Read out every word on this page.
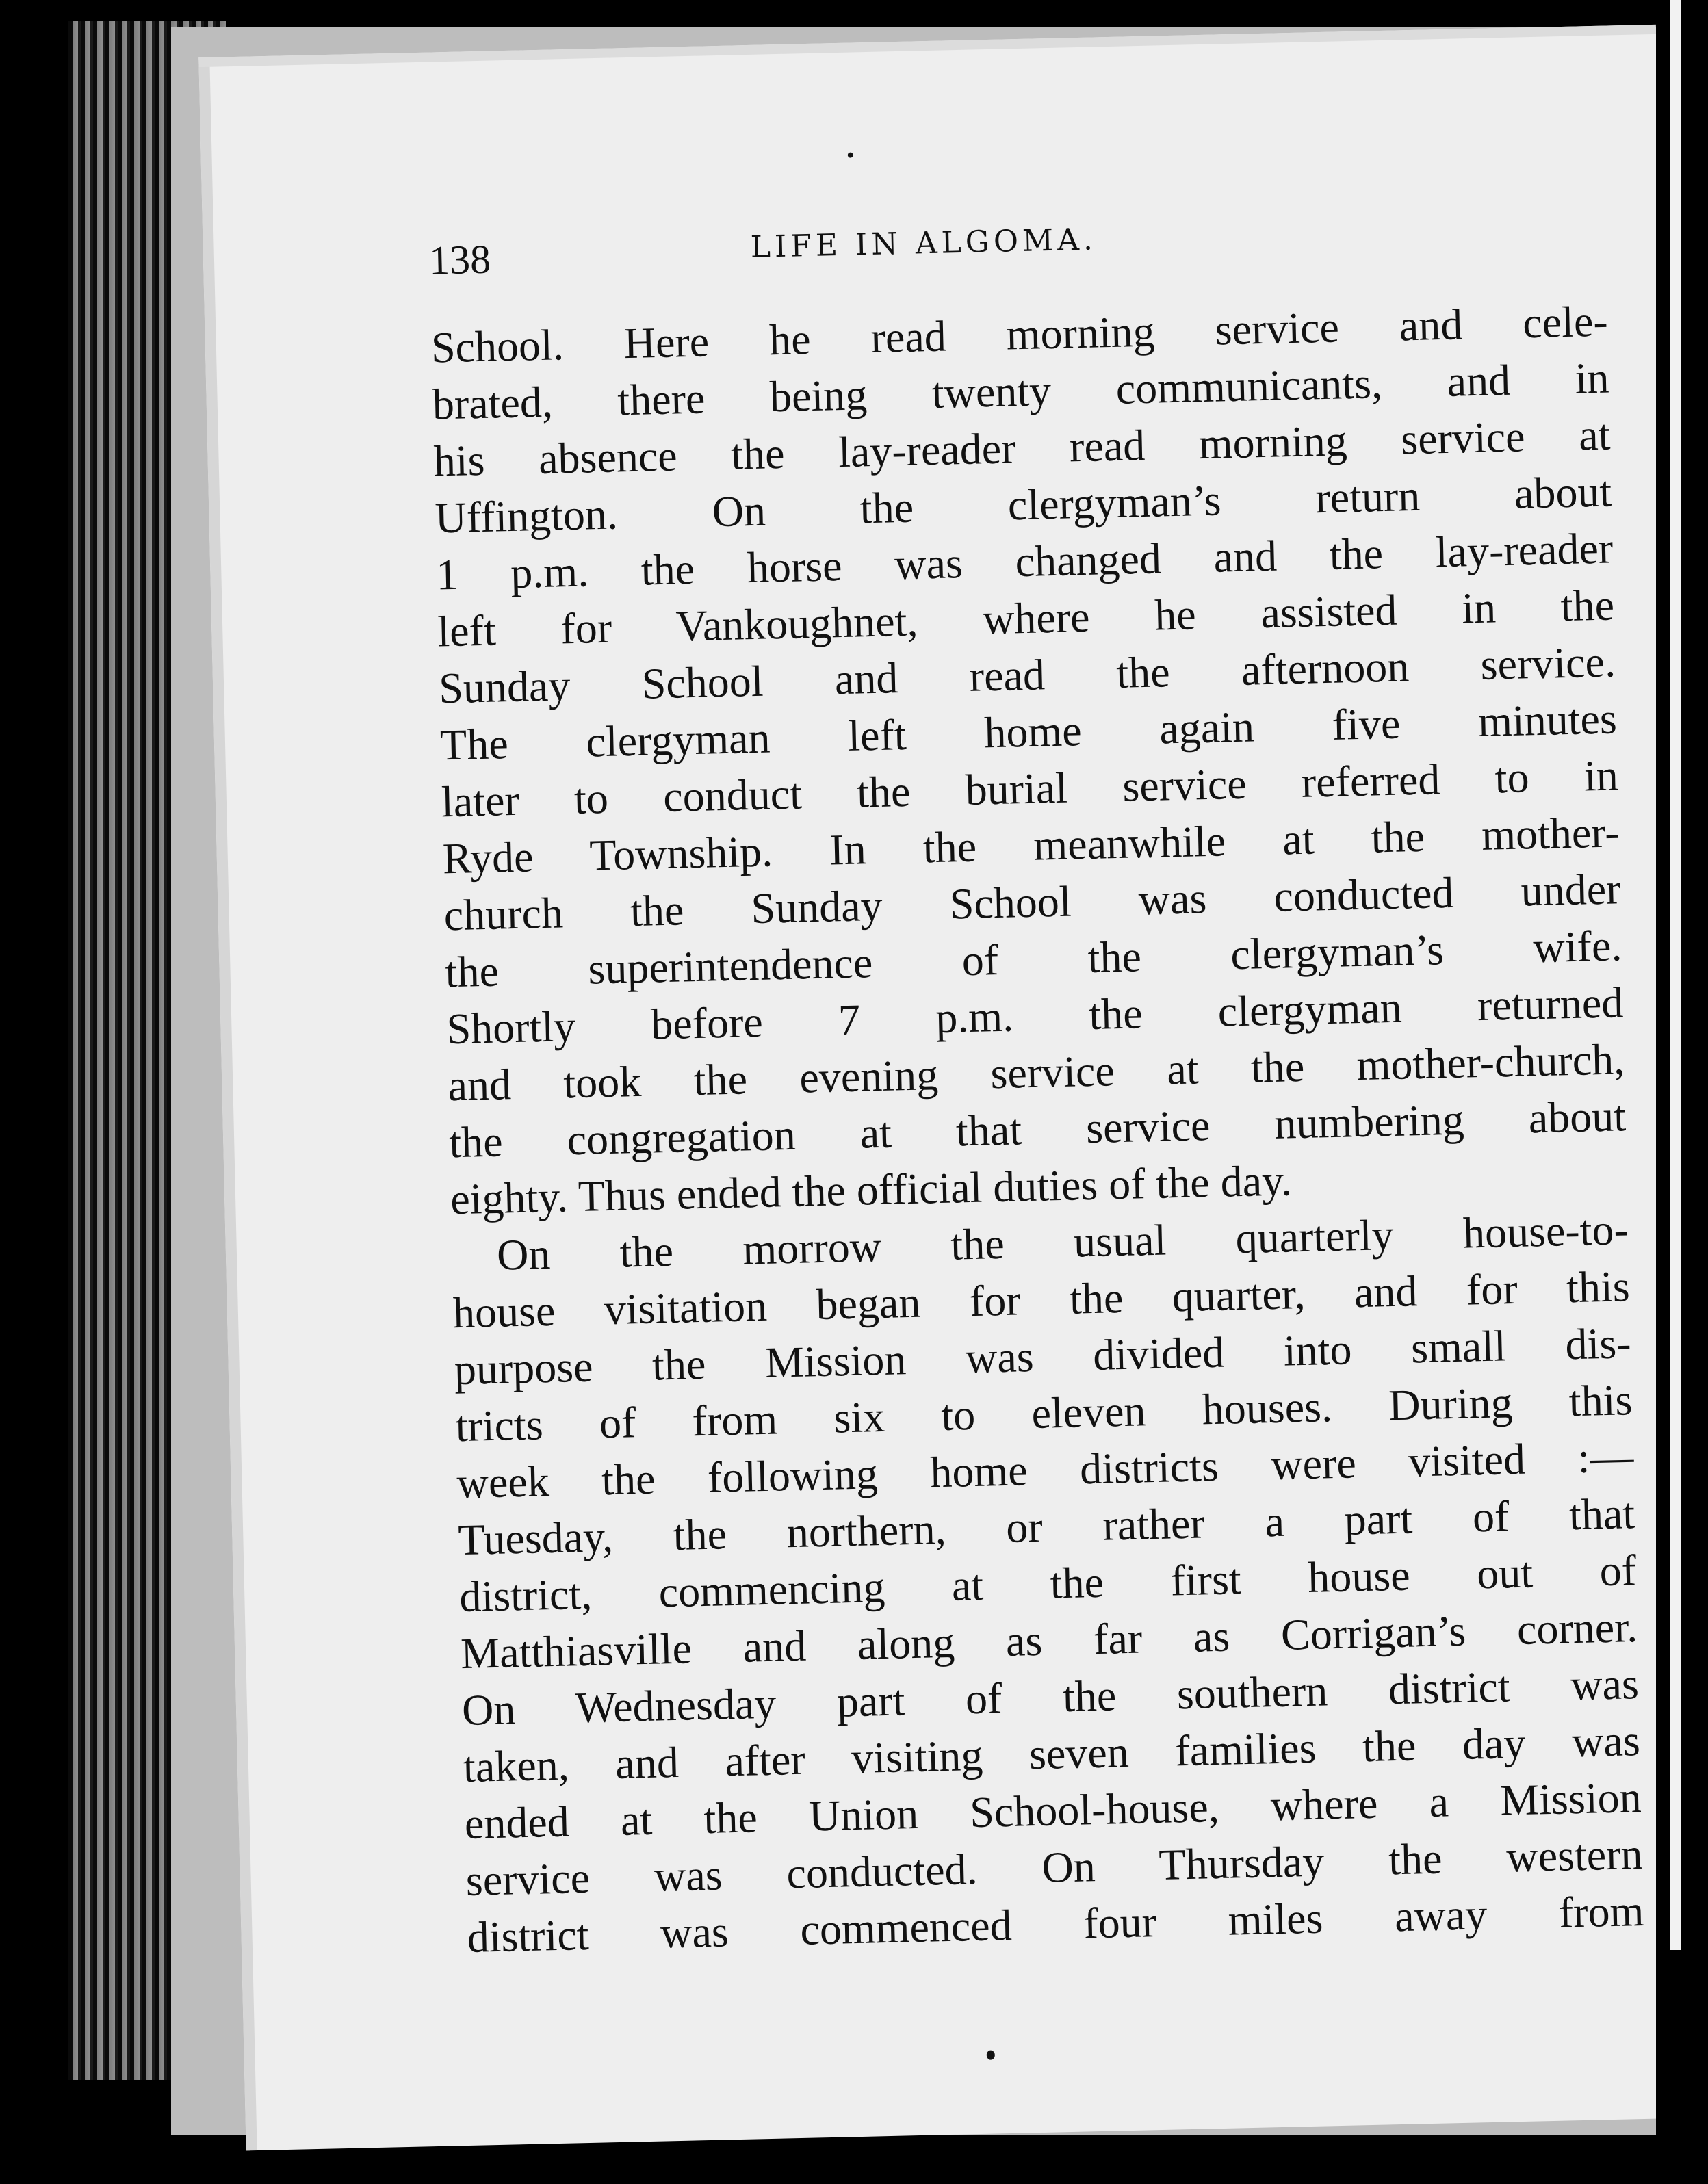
138	LIFE IN ALGOMA.
School. Here he read morning service and cele-
brated, there being twenty communicants, and in
his absence the lay-reader read morning service at
Uffington. On the clergyman’s return about
1 p.m. the horse was changed and the lay-reader
left for Vankoughnet, where he assisted in the
Sunday School and read the afternoon service.
The clergyman left home again five minutes
later to conduct the burial service referred to in
Ryde Township. In the meanwhile at the mother-
church the Sunday School was conducted under
the superintendence of the clergyman’s wife.
Shortly before 7 p.m. the clergyman returned
and took the evening service at the mother-church,
the congregation at that service numbering about
eighty. Thus ended the official duties of the day.
On the morrow the usual quarterly house-to-
house visitation began for the quarter, and for this
purpose the Mission was divided into small dis-
tricts of from six to eleven houses. During this
week the following home districts were visited :—
Tuesday, the northern, or rather a part of that
district, commencing at the first house out of
Matthiasville and along as far as Corrigan’s corner.
On Wednesday part of the southern district was
taken, and after visiting seven families the day was
ended at the Union School-house, where a Mission
service was conducted. On Thursday the western
district was commenced four miles away from
